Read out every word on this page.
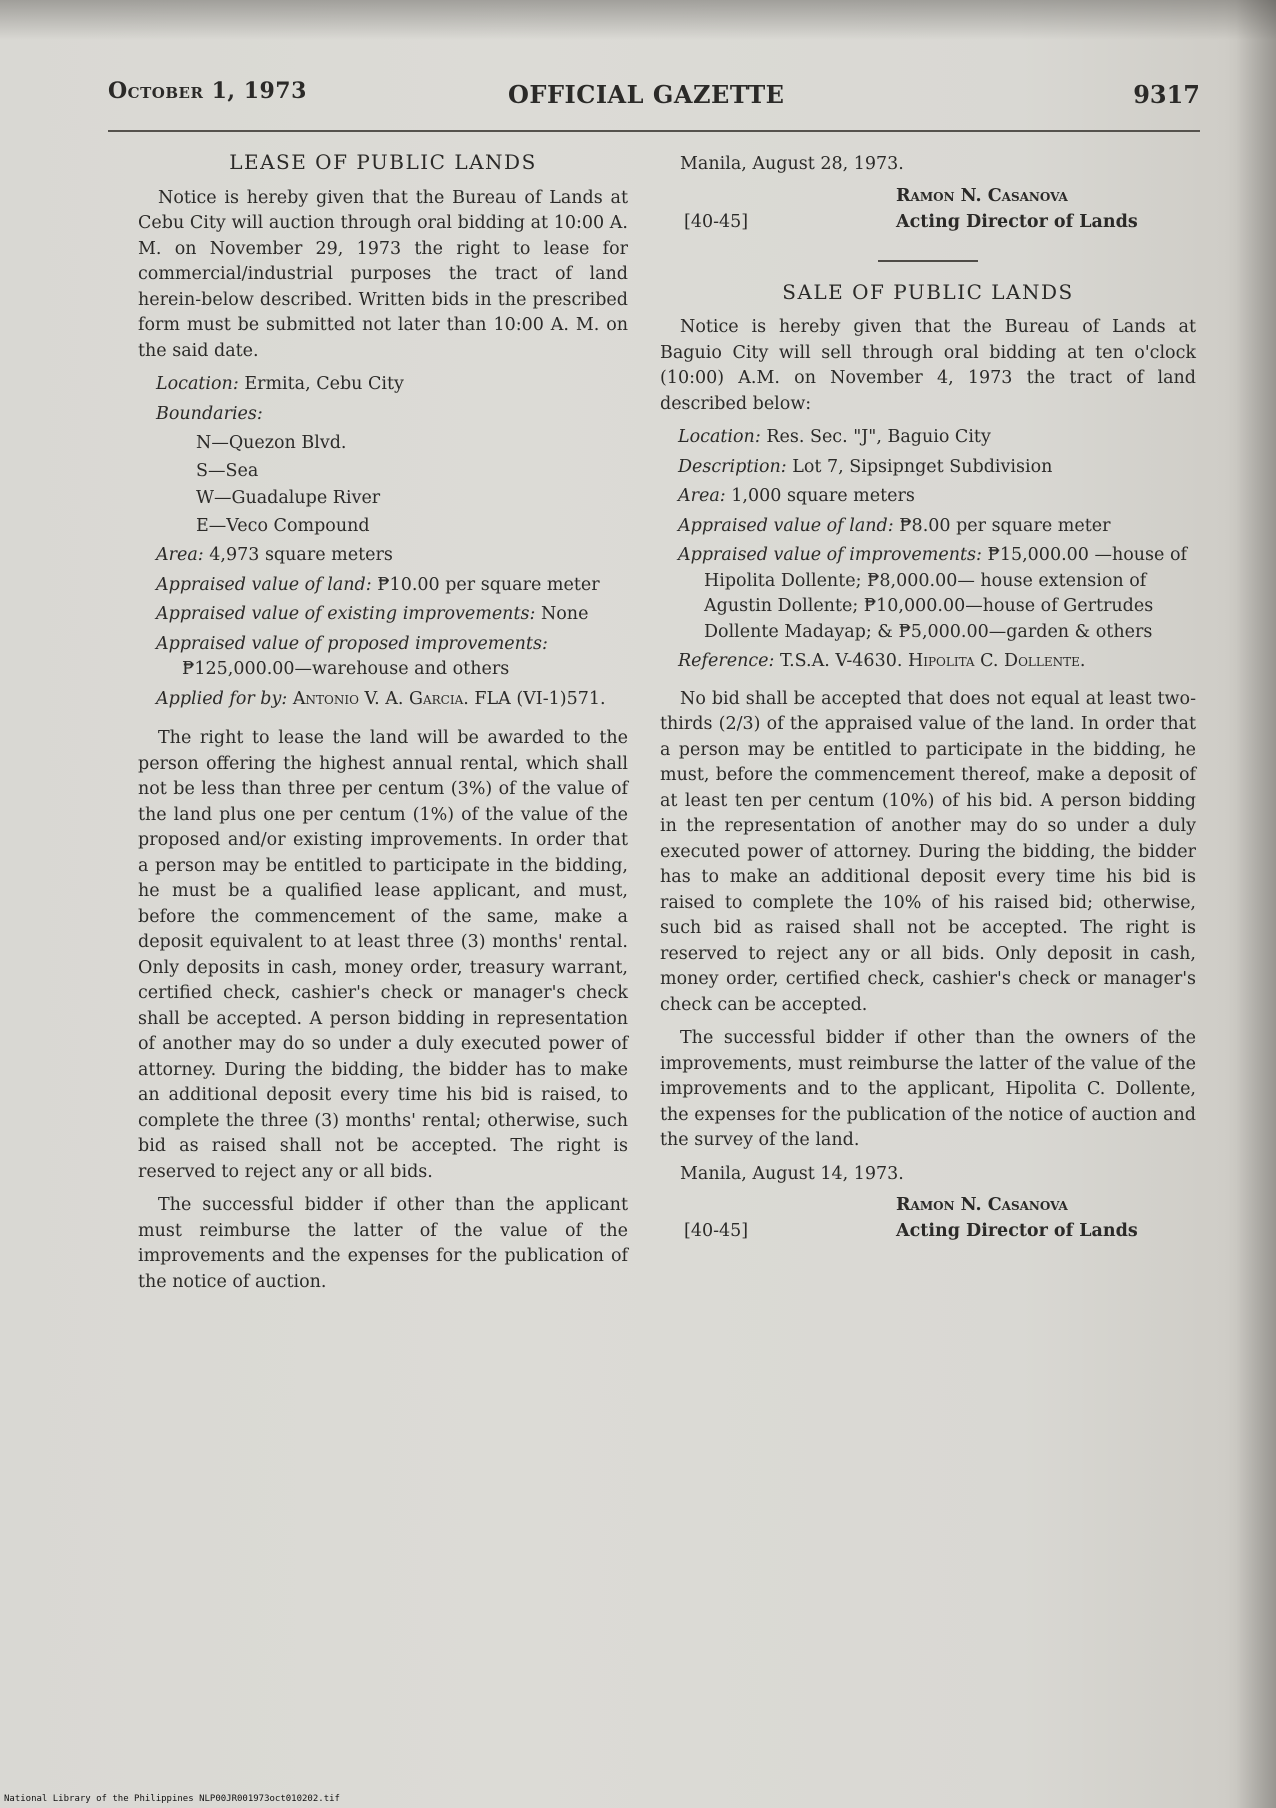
October 1, 1973	OFFICIAL GAZETTE	9317
LEASE OF PUBLIC LANDS

Notice is hereby given that the Bureau of Lands at Cebu City will auction through oral bidding at 10:00 A. M. on November 29, 1973 the right to lease for commercial/industrial purposes the tract of land herein-below described. Written bids in the prescribed form must be submitted not later than 10:00 A. M. on the said date.

Location: Ermita, Cebu City
Boundaries:
N—Quezon Blvd.
S—Sea
W—Guadalupe River
E—Veco Compound
Area: 4,973 square meters
Appraised value of land: ₱10.00 per square meter
Appraised value of existing improvements: None
Appraised value of proposed improvements: ₱125,000.00—warehouse and others
Applied for by: Antonio V. A. Garcia. FLA (VI-1)571.

The right to lease the land will be awarded to the person offering the highest annual rental, which shall not be less than three per centum (3%) of the value of the land plus one per centum (1%) of the value of the proposed and/or existing improvements. In order that a person may be entitled to participate in the bidding, he must be a qualified lease applicant, and must, before the commencement of the same, make a deposit equivalent to at least three (3) months' rental. Only deposits in cash, money order, treasury warrant, certified check, cashier's check or manager's check shall be accepted. A person bidding in representation of another may do so under a duly executed power of attorney. During the bidding, the bidder has to make an additional deposit every time his bid is raised, to complete the three (3) months' rental; otherwise, such bid as raised shall not be accepted. The right is reserved to reject any or all bids.

The successful bidder if other than the applicant must reimburse the latter of the value of the improvements and the expenses for the publication of the notice of auction.

Manila, August 28, 1973.
[40-45]
Ramon N. Casanova
Acting Director of Lands
SALE OF PUBLIC LANDS

Notice is hereby given that the Bureau of Lands at Baguio City will sell through oral bidding at ten o'clock (10:00) A.M. on November 4, 1973 the tract of land described below:

Location: Res. Sec. "J", Baguio City
Description: Lot 7, Sipsipnget Subdivision
Area: 1,000 square meters
Appraised value of land: ₱8.00 per square meter
Appraised value of improvements: ₱15,000.00 —house of Hipolita Dollente; ₱8,000.00— house extension of Agustin Dollente; ₱10,000.00—house of Gertrudes Dollente Madayap; & ₱5,000.00—garden & others
Reference: T.S.A. V-4630. Hipolita C. Dollente.

No bid shall be accepted that does not equal at least two-thirds (2/3) of the appraised value of the land. In order that a person may be entitled to participate in the bidding, he must, before the commencement thereof, make a deposit of at least ten per centum (10%) of his bid. A person bidding in the representation of another may do so under a duly executed power of attorney. During the bidding, the bidder has to make an additional deposit every time his bid is raised to complete the 10% of his raised bid; otherwise, such bid as raised shall not be accepted. The right is reserved to reject any or all bids. Only deposit in cash, money order, certified check, cashier's check or manager's check can be accepted.

The successful bidder if other than the owners of the improvements, must reimburse the latter of the value of the improvements and to the applicant, Hipolita C. Dollente, the expenses for the publication of the notice of auction and the survey of the land.

Manila, August 14, 1973.
[40-45]
Ramon N. Casanova
Acting Director of Lands
National Library of the Philippines NLP00JR001973oct010202.tif
